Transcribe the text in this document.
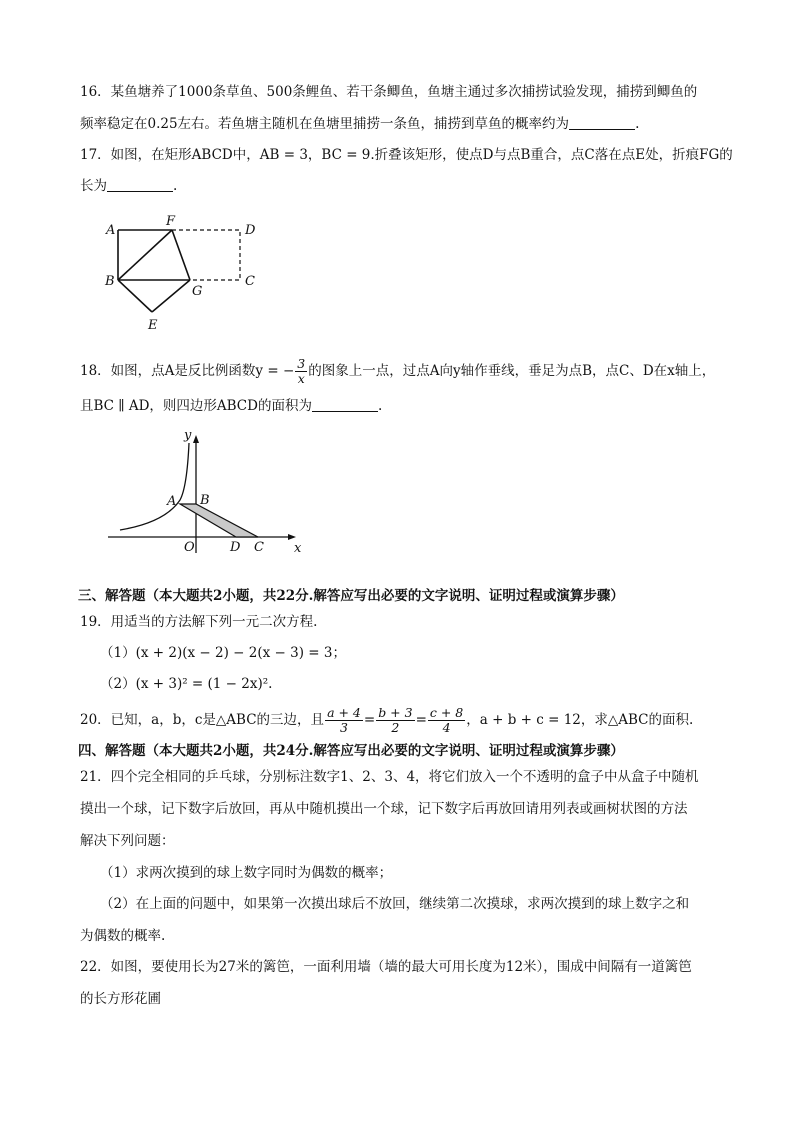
16．某鱼塘养了1000条草鱼、500条鲤鱼、若干条鲫鱼，鱼塘主通过多次捕捞试验发现，捕捞到鲫鱼的
频率稳定在0.25左右。若鱼塘主随机在鱼塘里捕捞一条鱼，捕捞到草鱼的概率约为	.
17．如图，在矩形ABCD中，AB = 3，BC = 9.折叠该矩形，使点D与点B重合，点C落在点E处，折痕FG的
长为	.
A
F
D
B
G
C
E
18．如图，点A是反比例函数y = − $\frac{3}{x}$ 的图象上一点，过点A向y轴作垂线，垂足为点B，点C、D在x轴上，
且BC ∥ AD，则四边形ABCD的面积为	.
y
A B
O	D C x
三、解答题（本大题共2小题，共22分.解答应写出必要的文字说明、证明过程或演算步骤）
19．用适当的方法解下列一元二次方程.
（1）(x + 2)(x − 2) − 2(x − 3) = 3；
（2）(x + 3)² = (1 − 2x)².
20．已知，a，b，c是△ABC的三边，且 $\frac{a + 4}{3} = \frac{b + 3}{2} = \frac{c + 8}{4}$ ，a + b + c = 12，求△ABC的面积.
四、解答题（本大题共2小题，共24分.解答应写出必要的文字说明、证明过程或演算步骤）
21．四个完全相同的乒乓球，分别标注数字1、2、3、4，将它们放入一个不透明的盒子中从盒子中随机
摸出一个球，记下数字后放回，再从中随机摸出一个球，记下数字后再放回请用列表或画树状图的方法
解决下列问题：
（1）求两次摸到的球上数字同时为偶数的概率；
（2）在上面的问题中，如果第一次摸出球后不放回，继续第二次摸球，求两次摸到的球上数字之和
为偶数的概率.
22．如图，要使用长为27米的篱笆，一面利用墙（墙的最大可用长度为12米），围成中间隔有一道篱笆
的长方形花圃
